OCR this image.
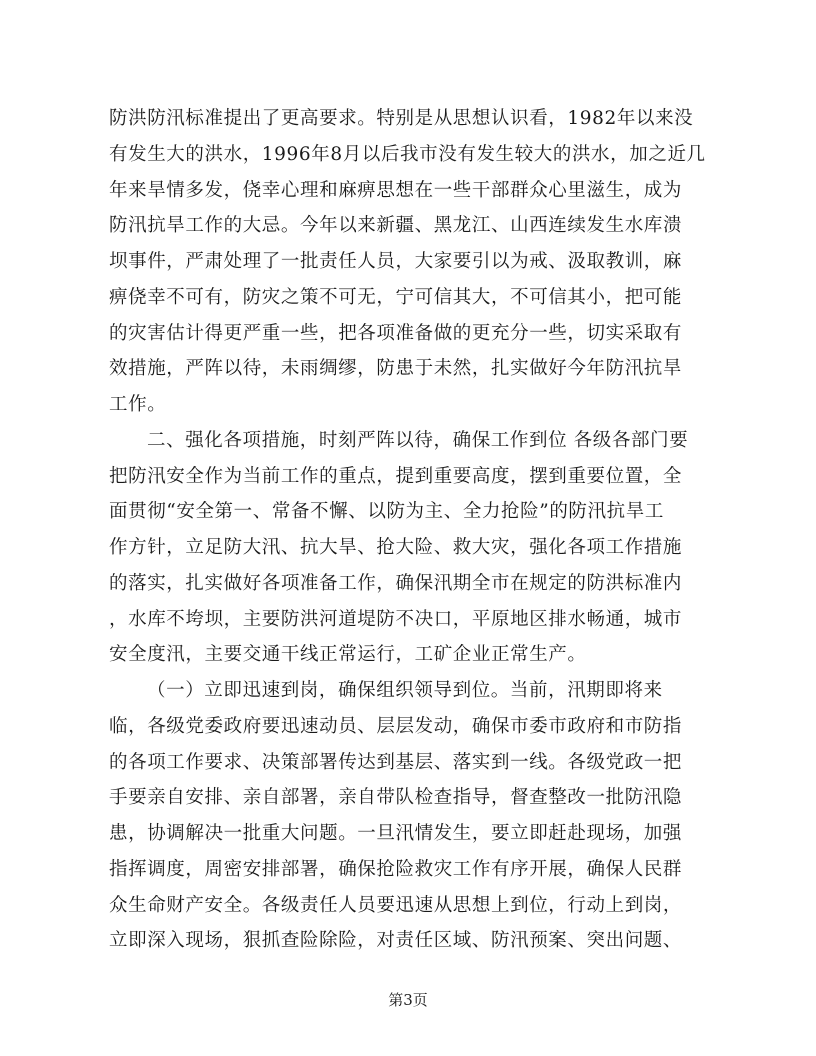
防洪防汛标准提出了更高要求。特别是从思想认识看，1982年以来没
有发生大的洪水，1996年8月以后我市没有发生较大的洪水，加之近几
年来旱情多发，侥幸心理和麻痹思想在一些干部群众心里滋生，成为
防汛抗旱工作的大忌。今年以来新疆、黑龙江、山西连续发生水库溃
坝事件，严肃处理了一批责任人员，大家要引以为戒、汲取教训，麻
痹侥幸不可有，防灾之策不可无，宁可信其大，不可信其小，把可能
的灾害估计得更严重一些，把各项准备做的更充分一些，切实采取有
效措施，严阵以待，未雨绸缪，防患于未然，扎实做好今年防汛抗旱
工作。
二、强化各项措施，时刻严阵以待，确保工作到位 各级各部门要
把防汛安全作为当前工作的重点，提到重要高度，摆到重要位置，全
面贯彻“安全第一、常备不懈、以防为主、全力抢险”的防汛抗旱工
作方针，立足防大汛、抗大旱、抢大险、救大灾，强化各项工作措施
的落实，扎实做好各项准备工作，确保汛期全市在规定的防洪标准内
，水库不垮坝，主要防洪河道堤防不决口，平原地区排水畅通，城市
安全度汛，主要交通干线正常运行，工矿企业正常生产。
（一）立即迅速到岗，确保组织领导到位。当前，汛期即将来
临，各级党委政府要迅速动员、层层发动，确保市委市政府和市防指
的各项工作要求、决策部署传达到基层、落实到一线。各级党政一把
手要亲自安排、亲自部署，亲自带队检查指导，督查整改一批防汛隐
患，协调解决一批重大问题。一旦汛情发生，要立即赶赴现场，加强
指挥调度，周密安排部署，确保抢险救灾工作有序开展，确保人民群
众生命财产安全。各级责任人员要迅速从思想上到位，行动上到岗，
立即深入现场，狠抓查险除险，对责任区域、防汛预案、突出问题、
第3页
